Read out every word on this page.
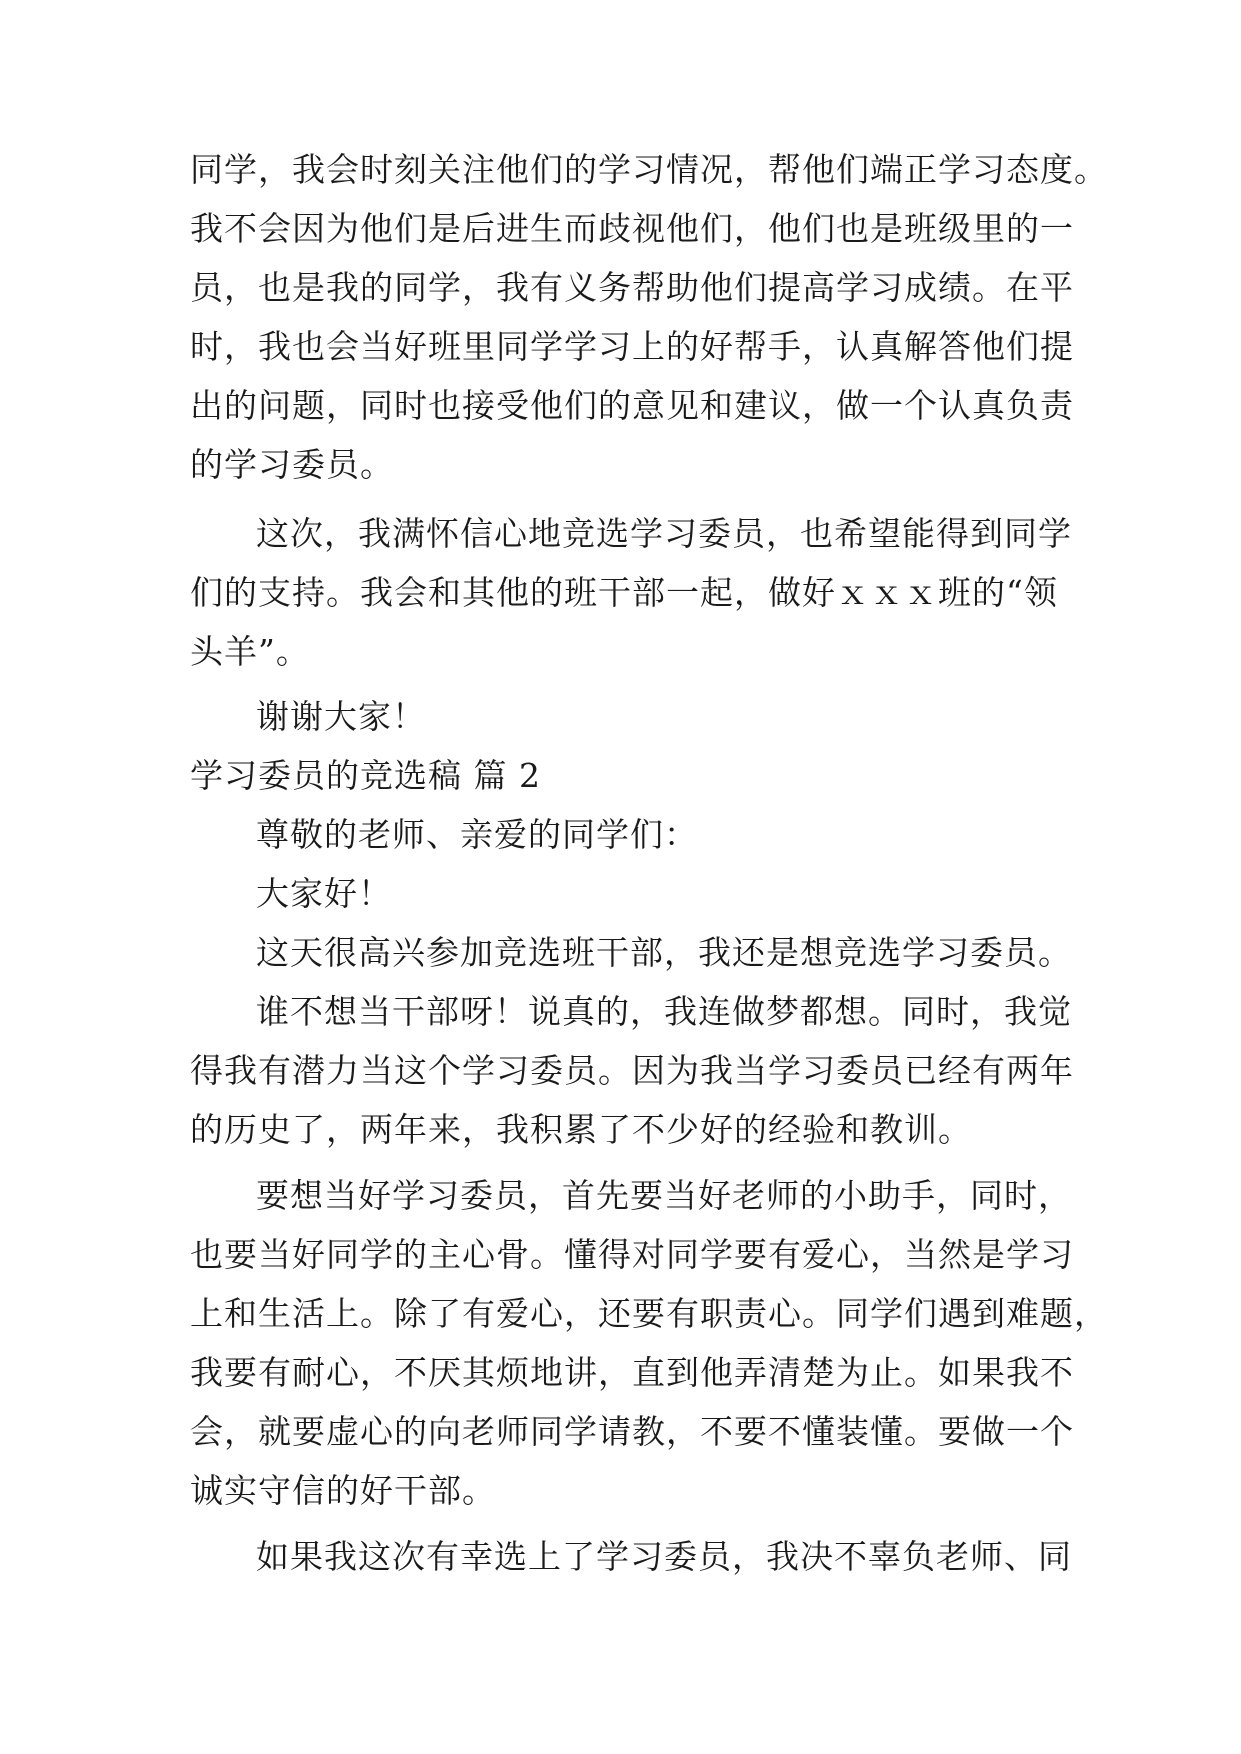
同学，我会时刻关注他们的学习情况，帮他们端正学习态度。
我不会因为他们是后进生而歧视他们，他们也是班级里的一
员，也是我的同学，我有义务帮助他们提高学习成绩。在平
时，我也会当好班里同学学习上的好帮手，认真解答他们提
出的问题，同时也接受他们的意见和建议，做一个认真负责
的学习委员。
这次，我满怀信心地竞选学习委员，也希望能得到同学
们的支持。我会和其他的班干部一起，做好ｘｘｘ班的“领
头羊”。
谢谢大家！
学习委员的竞选稿 篇 2
尊敬的老师、亲爱的同学们：
大家好！
这天很高兴参加竞选班干部，我还是想竞选学习委员。
谁不想当干部呀！说真的，我连做梦都想。同时，我觉
得我有潜力当这个学习委员。因为我当学习委员已经有两年
的历史了，两年来，我积累了不少好的经验和教训。
要想当好学习委员，首先要当好老师的小助手，同时，
也要当好同学的主心骨。懂得对同学要有爱心，当然是学习
上和生活上。除了有爱心，还要有职责心。同学们遇到难题，
我要有耐心，不厌其烦地讲，直到他弄清楚为止。如果我不
会，就要虚心的向老师同学请教，不要不懂装懂。要做一个
诚实守信的好干部。
如果我这次有幸选上了学习委员，我决不辜负老师、同
